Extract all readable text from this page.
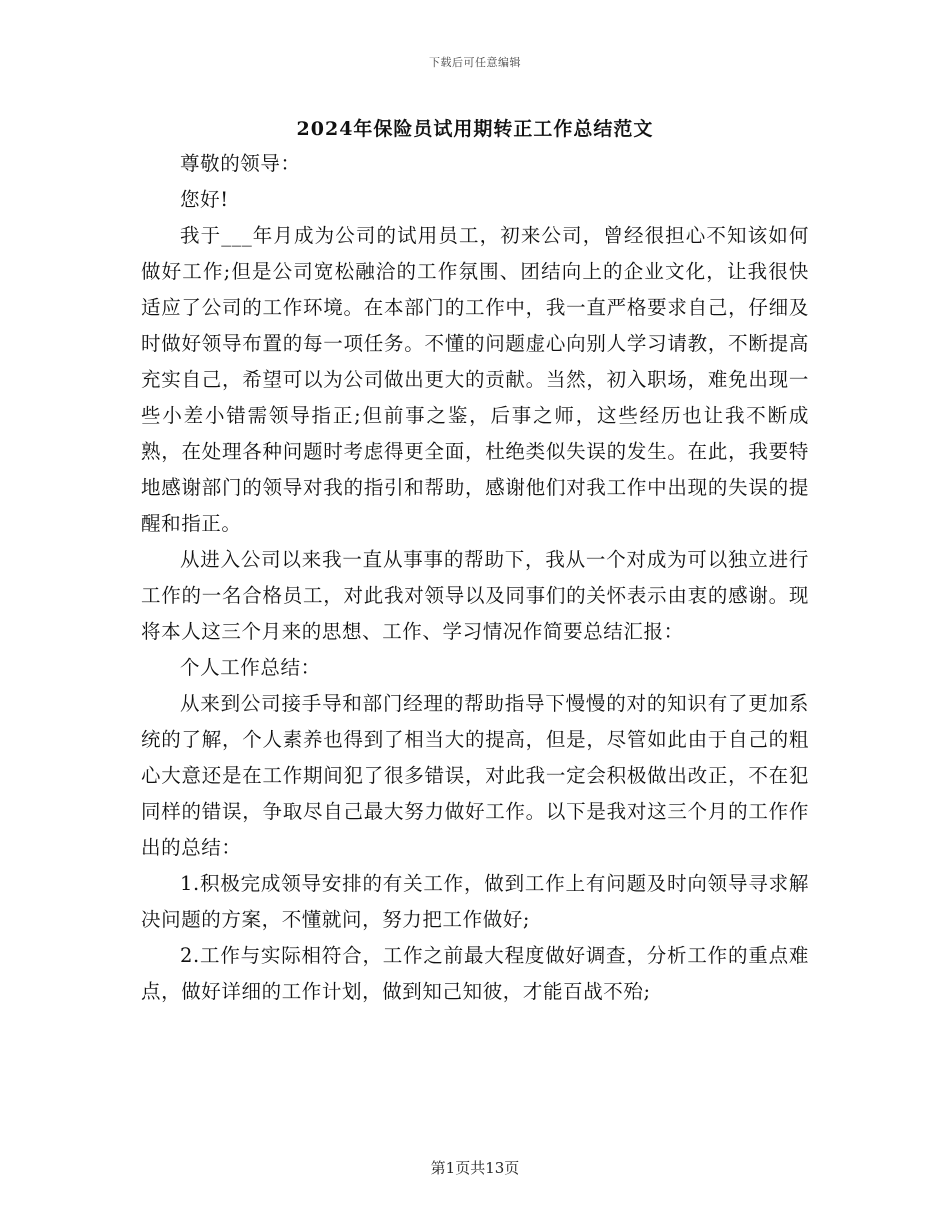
下载后可任意编辑
2024年保险员试用期转正工作总结范文

尊敬的领导：

您好!

我于___年月成为公司的试用员工，初来公司，曾经很担心不知该如何做好工作;但是公司宽松融洽的工作氛围、团结向上的企业文化，让我很快适应了公司的工作环境。在本部门的工作中，我一直严格要求自己，仔细及时做好领导布置的每一项任务。不懂的问题虚心向别人学习请教，不断提高充实自己，希望可以为公司做出更大的贡献。当然，初入职场，难免出现一些小差小错需领导指正;但前事之鉴，后事之师，这些经历也让我不断成熟，在处理各种问题时考虑得更全面，杜绝类似失误的发生。在此，我要特地感谢部门的领导对我的指引和帮助，感谢他们对我工作中出现的失误的提醒和指正。

从进入公司以来我一直从事事的帮助下，我从一个对成为可以独立进行工作的一名合格员工，对此我对领导以及同事们的关怀表示由衷的感谢。现将本人这三个月来的思想、工作、学习情况作简要总结汇报：

个人工作总结：

从来到公司接手导和部门经理的帮助指导下慢慢的对的知识有了更加系统的了解，个人素养也得到了相当大的提高，但是，尽管如此由于自己的粗心大意还是在工作期间犯了很多错误，对此我一定会积极做出改正，不在犯同样的错误，争取尽自己最大努力做好工作。以下是我对这三个月的工作作出的总结：

1.积极完成领导安排的有关工作，做到工作上有问题及时向领导寻求解决问题的方案，不懂就问，努力把工作做好;

2.工作与实际相符合，工作之前最大程度做好调查，分析工作的重点难点，做好详细的工作计划，做到知己知彼，才能百战不殆;

第1页共13页
